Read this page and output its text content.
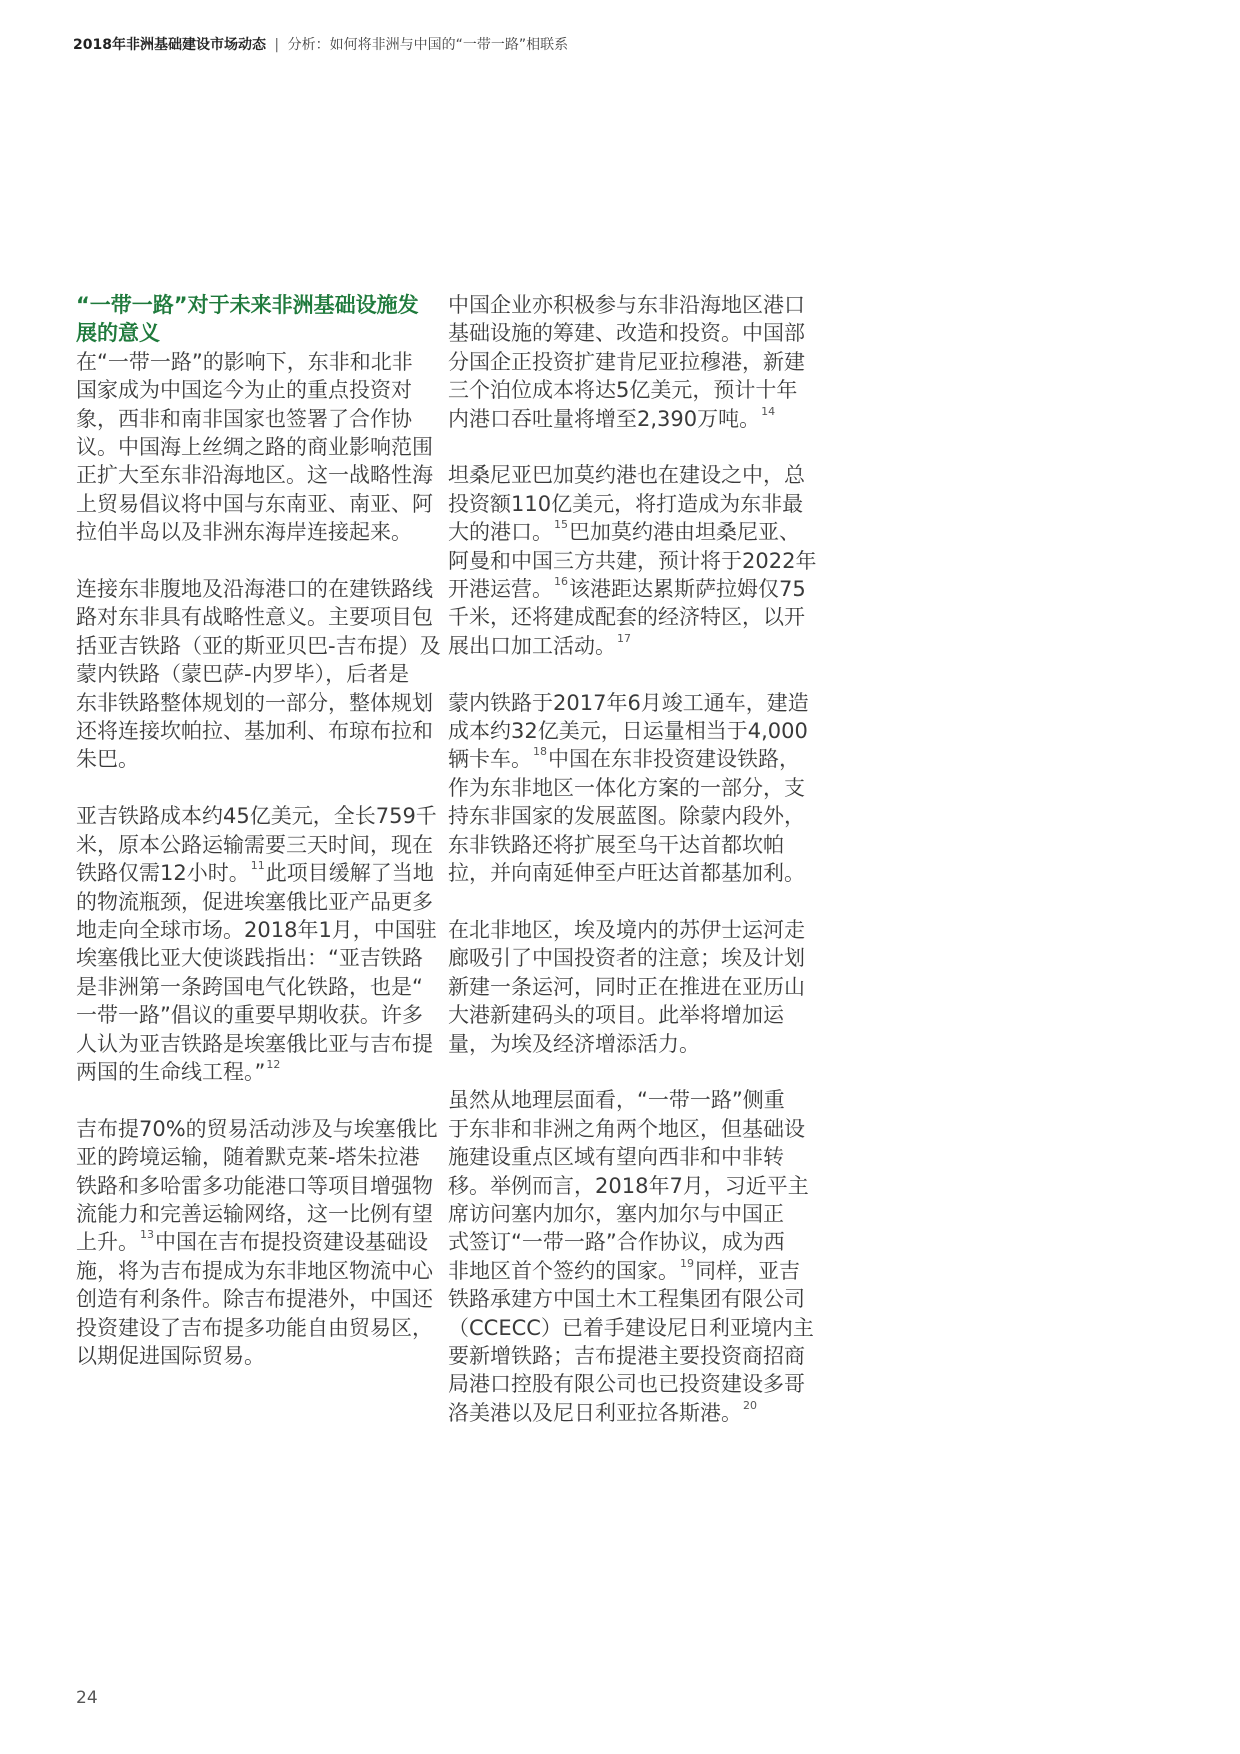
2018年非洲基础建设市场动态 | 分析：如何将非洲与中国的“一带一路”相联系
“一带一路”对于未来非洲基础设施发
展的意义
在“一带一路”的影响下，东非和北非
国家成为中国迄今为止的重点投资对
象，西非和南非国家也签署了合作协
议。中国海上丝绸之路的商业影响范围
正扩大至东非沿海地区。这一战略性海
上贸易倡议将中国与东南亚、南亚、阿
拉伯半岛以及非洲东海岸连接起来。
连接东非腹地及沿海港口的在建铁路线
路对东非具有战略性意义。主要项目包
括亚吉铁路（亚的斯亚贝巴-吉布提）及
蒙内铁路（蒙巴萨-内罗毕），后者是
东非铁路整体规划的一部分，整体规划
还将连接坎帕拉、基加利、布琼布拉和
朱巴。
亚吉铁路成本约45亿美元，全长759千
米，原本公路运输需要三天时间，现在
铁路仅需12小时。$^{11}$此项目缓解了当地
的物流瓶颈，促进埃塞俄比亚产品更多
地走向全球市场。2018年1月，中国驻
埃塞俄比亚大使谈践指出：“亚吉铁路
是非洲第一条跨国电气化铁路，也是“
一带一路”倡议的重要早期收获。许多
人认为亚吉铁路是埃塞俄比亚与吉布提
两国的生命线工程。”$^{12}$
吉布提70%的贸易活动涉及与埃塞俄比
亚的跨境运输，随着默克莱-塔朱拉港
铁路和多哈雷多功能港口等项目增强物
流能力和完善运输网络，这一比例有望
上升。$^{13}$中国在吉布提投资建设基础设
施，将为吉布提成为东非地区物流中心
创造有利条件。除吉布提港外，中国还
投资建设了吉布提多功能自由贸易区，
以期促进国际贸易。
中国企业亦积极参与东非沿海地区港口
基础设施的筹建、改造和投资。中国部
分国企正投资扩建肯尼亚拉穆港，新建
三个泊位成本将达5亿美元，预计十年
内港口吞吐量将增至2,390万吨。$^{14}$
坦桑尼亚巴加莫约港也在建设之中，总
投资额110亿美元，将打造成为东非最
大的港口。$^{15}$巴加莫约港由坦桑尼亚、
阿曼和中国三方共建，预计将于2022年
开港运营。$^{16}$该港距达累斯萨拉姆仅75
千米，还将建成配套的经济特区，以开
展出口加工活动。$^{17}$
蒙内铁路于2017年6月竣工通车，建造
成本约32亿美元，日运量相当于4,000
辆卡车。$^{18}$中国在东非投资建设铁路，
作为东非地区一体化方案的一部分，支
持东非国家的发展蓝图。除蒙内段外，
东非铁路还将扩展至乌干达首都坎帕
拉，并向南延伸至卢旺达首都基加利。
在北非地区，埃及境内的苏伊士运河走
廊吸引了中国投资者的注意；埃及计划
新建一条运河，同时正在推进在亚历山
大港新建码头的项目。此举将增加运
量，为埃及经济增添活力。
虽然从地理层面看，“一带一路”侧重
于东非和非洲之角两个地区，但基础设
施建设重点区域有望向西非和中非转
移。举例而言，2018年7月，习近平主
席访问塞内加尔，塞内加尔与中国正
式签订“一带一路”合作协议，成为西
非地区首个签约的国家。$^{19}$同样，亚吉
铁路承建方中国土木工程集团有限公司
（CCECC）已着手建设尼日利亚境内主
要新增铁路；吉布提港主要投资商招商
局港口控股有限公司也已投资建设多哥
洛美港以及尼日利亚拉各斯港。$^{20}$
24
